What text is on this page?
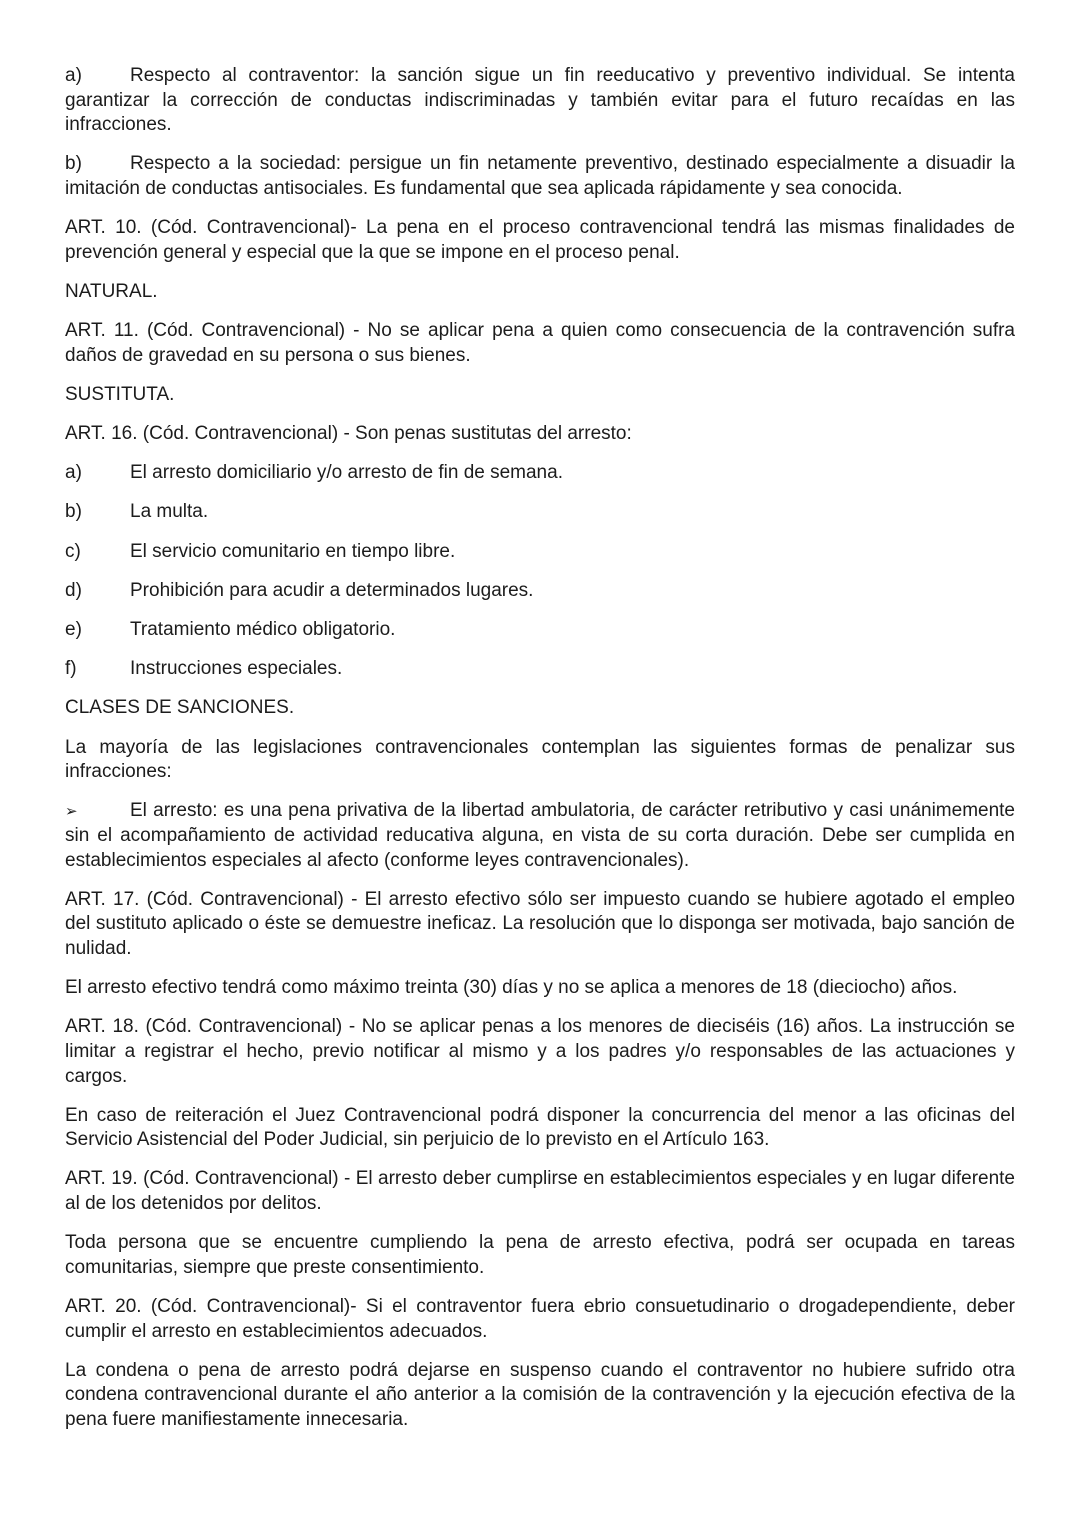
a)	Respecto al contraventor: la sanción sigue un fin reeducativo y preventivo individual. Se intenta garantizar la corrección de conductas indiscriminadas y también evitar para el futuro recaídas en las infracciones.

b)	Respecto a la sociedad: persigue un fin netamente preventivo, destinado especialmente a disuadir la imitación de conductas antisociales. Es fundamental que sea aplicada rápidamente y sea conocida.

ART. 10. (Cód. Contravencional)- La pena en el proceso contravencional tendrá las mismas finalidades de prevención general y especial que la que se impone en el proceso penal.

NATURAL.

ART. 11. (Cód. Contravencional) - No se aplicar pena a quien como consecuencia de la contravención sufra daños de gravedad en su persona o sus bienes.

SUSTITUTA.

ART. 16. (Cód. Contravencional) - Son penas sustitutas del arresto:

a)	El arresto domiciliario y/o arresto de fin de semana.
b)	La multa.
c)	El servicio comunitario en tiempo libre.
d)	Prohibición para acudir a determinados lugares.
e)	Tratamiento médico obligatorio.
f)	Instrucciones especiales.

CLASES DE SANCIONES.

La mayoría de las legislaciones contravencionales contemplan las siguientes formas de penalizar sus infracciones:

➢	El arresto: es una pena privativa de la libertad ambulatoria, de carácter retributivo y casi unánimemente sin el acompañamiento de actividad reducativa alguna, en vista de su corta duración. Debe ser cumplida en establecimientos especiales al afecto (conforme leyes contravencionales).

ART. 17. (Cód. Contravencional) - El arresto efectivo sólo ser impuesto cuando se hubiere agotado el empleo del sustituto aplicado o éste se demuestre ineficaz. La resolución que lo disponga ser motivada, bajo sanción de nulidad.

El arresto efectivo tendrá como máximo treinta (30) días y no se aplica a menores de 18 (dieciocho) años.

ART. 18. (Cód. Contravencional) - No se aplicar penas a los menores de dieciséis (16) años. La instrucción se limitar a registrar el hecho, previo notificar al mismo y a los padres y/o responsables de las actuaciones y cargos.

En caso de reiteración el Juez Contravencional podrá disponer la concurrencia del menor a las oficinas del Servicio Asistencial del Poder Judicial, sin perjuicio de lo previsto en el Artículo 163.

ART. 19. (Cód. Contravencional) - El arresto deber cumplirse en establecimientos especiales y en lugar diferente al de los detenidos por delitos.

Toda persona que se encuentre cumpliendo la pena de arresto efectiva, podrá ser ocupada en tareas comunitarias, siempre que preste consentimiento.

ART. 20. (Cód. Contravencional)- Si el contraventor fuera ebrio consuetudinario o drogadependiente, deber cumplir el arresto en establecimientos adecuados.

La condena o pena de arresto podrá dejarse en suspenso cuando el contraventor no hubiere sufrido otra condena contravencional durante el año anterior a la comisión de la contravención y la ejecución efectiva de la pena fuere manifiestamente innecesaria.
